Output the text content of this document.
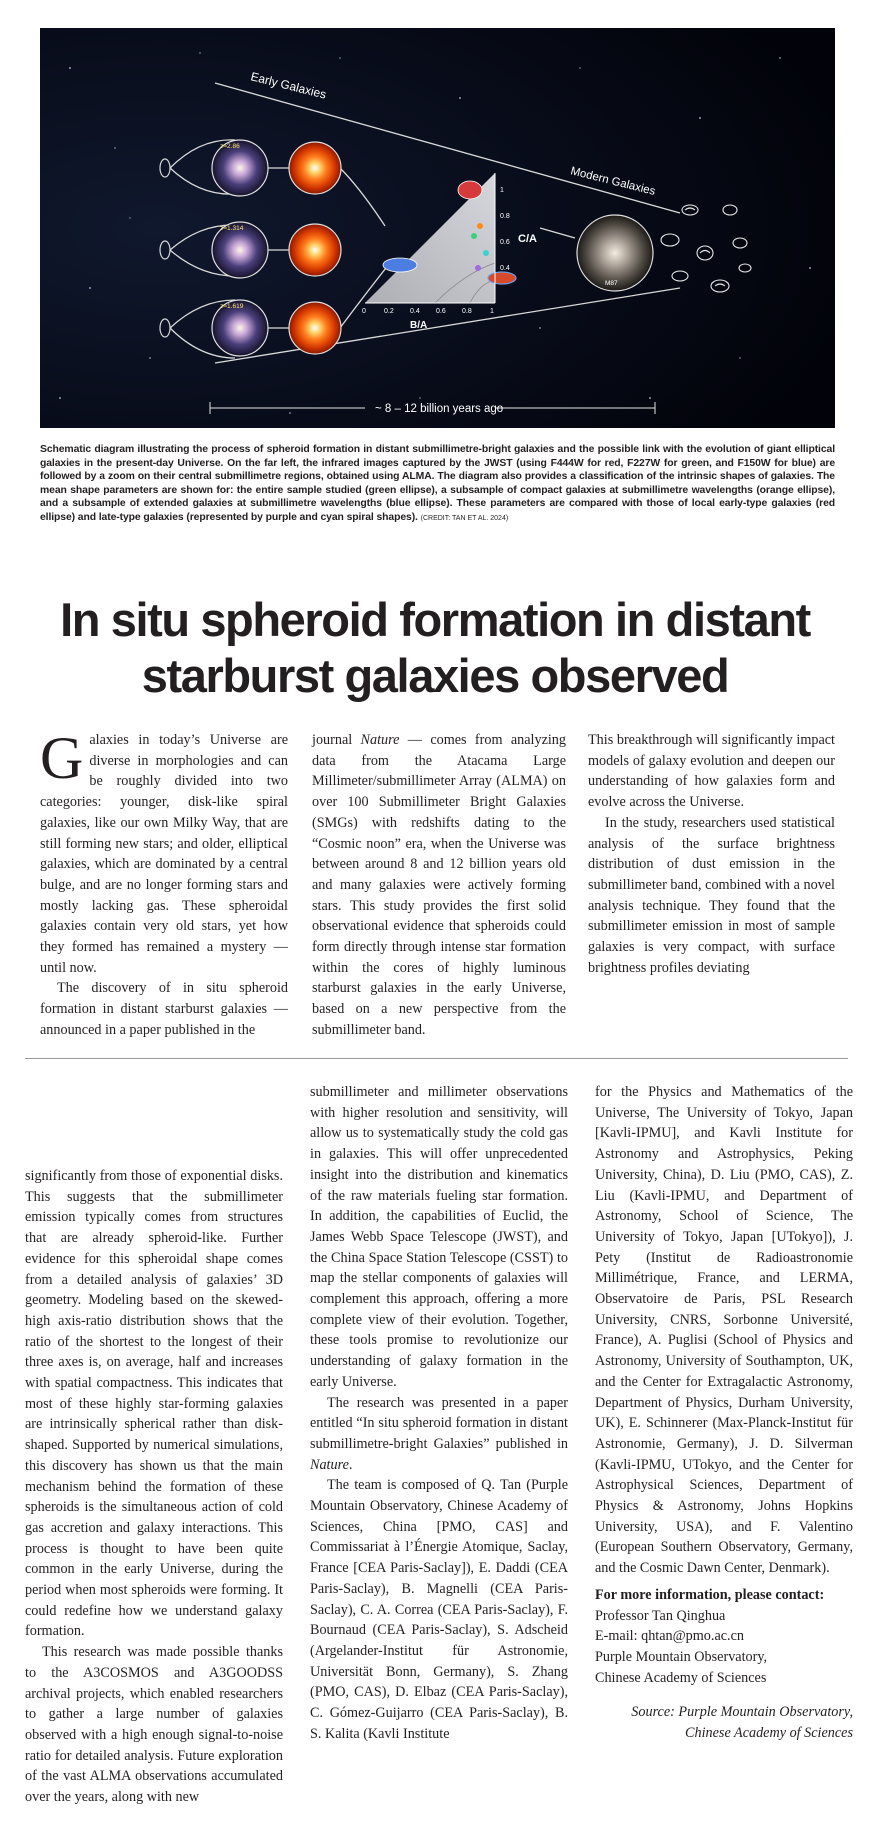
z=2.86
z=1.314
z=1.619
0	0.2 0.4 0.6 0.8	1
0.4
0.6
0.8
1
B/A
C/A
M87
Early Galaxies
Modern Galaxies
~ 8 – 12 billion years ago
Schematic diagram illustrating the process of spheroid formation in distant submillimetre-bright galaxies and the possible link with the evolution of giant elliptical galaxies in the present-day Universe. On the far left, the infrared images captured by the JWST (using F444W for red, F227W for green, and F150W for blue) are followed by a zoom on their central submillimetre regions, obtained using ALMA. The diagram also provides a classification of the intrinsic shapes of galaxies. The mean shape parameters are shown for: the entire sample studied (green ellipse), a subsample of compact galaxies at submillimetre wavelengths (orange ellipse), and a subsample of extended galaxies at submillimetre wavelengths (blue ellipse). These parameters are compared with those of local early-type galaxies (red ellipse) and late-type galaxies (represented by purple and cyan spiral shapes). (CREDIT: TAN ET AL. 2024)
In situ spheroid formation in distant starburst galaxies observed

Galaxies in today’s Universe are diverse in morphologies and can be roughly divided into two categories: younger, disk-like spiral galaxies, like our own Milky Way, that are still forming new stars; and older, elliptical galaxies, which are dominated by a central bulge, and are no longer forming stars and mostly lacking gas. These spheroidal galaxies contain very old stars, yet how they formed has remained a mystery — until now.

The discovery of in situ spheroid formation in distant starburst galaxies — announced in a paper published in the

journal Nature — comes from analyzing data from the Atacama Large Millimeter/submillimeter Array (ALMA) on over 100 Submillimeter Bright Galaxies (SMGs) with redshifts dating to the “Cosmic noon” era, when the Universe was between around 8 and 12 billion years old and many galaxies were actively forming stars. This study provides the first solid observational evidence that spheroids could form directly through intense star formation within the cores of highly luminous starburst galaxies in the early Universe, based on a new perspective from the submillimeter band.

This breakthrough will significantly impact models of galaxy evolution and deepen our understanding of how galaxies form and evolve across the Universe.

In the study, researchers used statistical analysis of the surface brightness distribution of dust emission in the submillimeter band, combined with a novel analysis technique. They found that the submillimeter emission in most of sample galaxies is very compact, with surface brightness profiles deviating

significantly from those of exponential disks. This suggests that the submillimeter emission typically comes from structures that are already spheroid-like. Further evidence for this spheroidal shape comes from a detailed analysis of galaxies’ 3D geometry. Modeling based on the skewed-high axis-ratio distribution shows that the ratio of the shortest to the longest of their three axes is, on average, half and increases with spatial compactness. This indicates that most of these highly star-forming galaxies are intrinsically spherical rather than disk-shaped. Supported by numerical simulations, this discovery has shown us that the main mechanism behind the formation of these spheroids is the simultaneous action of cold gas accretion and galaxy interactions. This process is thought to have been quite common in the early Universe, during the period when most spheroids were forming. It could redefine how we understand galaxy formation.

This research was made possible thanks to the A3COSMOS and A3GOODSS archival projects, which enabled researchers to gather a large number of galaxies observed with a high enough signal-to-noise ratio for detailed analysis. Future exploration of the vast ALMA observations accumulated over the years, along with new

submillimeter and millimeter observations with higher resolution and sensitivity, will allow us to systematically study the cold gas in galaxies. This will offer unprecedented insight into the distribution and kinematics of the raw materials fueling star formation. In addition, the capabilities of Euclid, the James Webb Space Telescope (JWST), and the China Space Station Telescope (CSST) to map the stellar components of galaxies will complement this approach, offering a more complete view of their evolution. Together, these tools promise to revolutionize our understanding of galaxy formation in the early Universe.

The research was presented in a paper entitled “In situ spheroid formation in distant submillimetre-bright Galaxies” published in Nature.

The team is composed of Q. Tan (Purple Mountain Observatory, Chinese Academy of Sciences, China [PMO, CAS] and Commissariat à l’Énergie Atomique, Saclay, France [CEA Paris-Saclay]), E. Daddi (CEA Paris-Saclay), B. Magnelli (CEA Paris-Saclay), C. A. Correa (CEA Paris-Saclay), F. Bournaud (CEA Paris-Saclay), S. Adscheid (Argelander-Institut für Astronomie, Universität Bonn, Germany), S. Zhang (PMO, CAS), D. Elbaz (CEA Paris-Saclay), C. Gómez-Guijarro (CEA Paris-Saclay), B. S. Kalita (Kavli Institute

for the Physics and Mathematics of the Universe, The University of Tokyo, Japan [Kavli-IPMU], and Kavli Institute for Astronomy and Astrophysics, Peking University, China), D. Liu (PMO, CAS), Z. Liu (Kavli-IPMU, and Department of Astronomy, School of Science, The University of Tokyo, Japan [UTokyo]), J. Pety (Institut de Radioastronomie Millimétrique, France, and LERMA, Observatoire de Paris, PSL Research University, CNRS, Sorbonne Université, France), A. Puglisi (School of Physics and Astronomy, University of Southampton, UK, and the Center for Extragalactic Astronomy, Department of Physics, Durham University, UK), E. Schinnerer (Max-Planck-Institut für Astronomie, Germany), J. D. Silverman (Kavli-IPMU, UTokyo, and the Center for Astrophysical Sciences, Department of Physics & Astronomy, Johns Hopkins University, USA), and F. Valentino (European Southern Observatory, Germany, and the Cosmic Dawn Center, Denmark).

For more information, please contact:
Professor Tan Qinghua
E-mail: qhtan@pmo.ac.cn
Purple Mountain Observatory,
Chinese Academy of Sciences
Source: Purple Mountain Observatory,
Chinese Academy of Sciences
